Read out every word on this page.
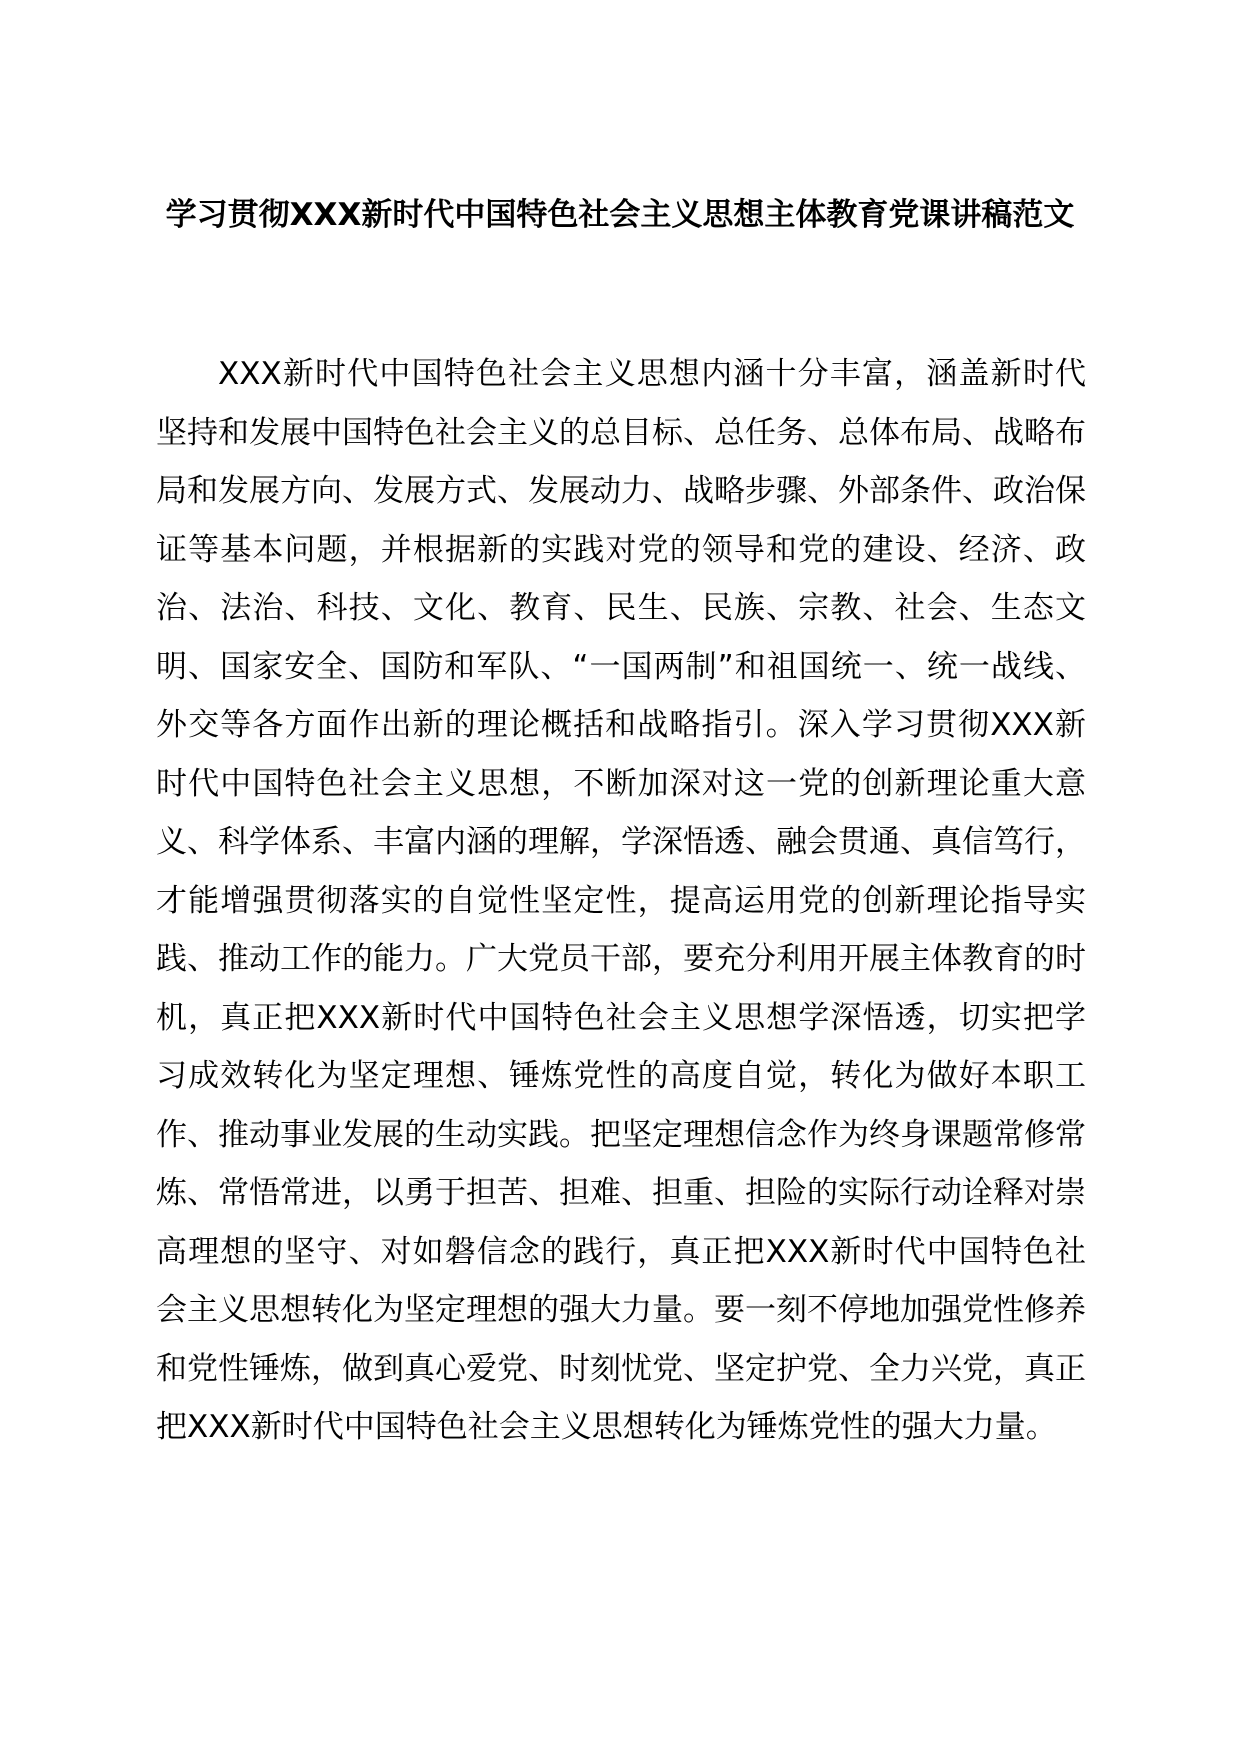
学习贯彻XXX新时代中国特色社会主义思想主体教育党课讲稿范文

XXX新时代中国特色社会主义思想内涵十分丰富，涵盖新时代坚持和发展中国特色社会主义的总目标、总任务、总体布局、战略布局和发展方向、发展方式、发展动力、战略步骤、外部条件、政治保证等基本问题，并根据新的实践对党的领导和党的建设、经济、政治、法治、科技、文化、教育、民生、民族、宗教、社会、生态文明、国家安全、国防和军队、“一国两制”和祖国统一、统一战线、外交等各方面作出新的理论概括和战略指引。深入学习贯彻XXX新时代中国特色社会主义思想，不断加深对这一党的创新理论重大意义、科学体系、丰富内涵的理解，学深悟透、融会贯通、真信笃行，才能增强贯彻落实的自觉性坚定性，提高运用党的创新理论指导实践、推动工作的能力。广大党员干部，要充分利用开展主体教育的时机，真正把XXX新时代中国特色社会主义思想学深悟透，切实把学习成效转化为坚定理想、锤炼党性的高度自觉，转化为做好本职工作、推动事业发展的生动实践。把坚定理想信念作为终身课题常修常炼、常悟常进，以勇于担苦、担难、担重、担险的实际行动诠释对崇高理想的坚守、对如磐信念的践行，真正把XXX新时代中国特色社会主义思想转化为坚定理想的强大力量。要一刻不停地加强党性修养和党性锤炼，做到真心爱党、时刻忧党、坚定护党、全力兴党，真正把XXX新时代中国特色社会主义思想转化为锤炼党性的强大力量。
